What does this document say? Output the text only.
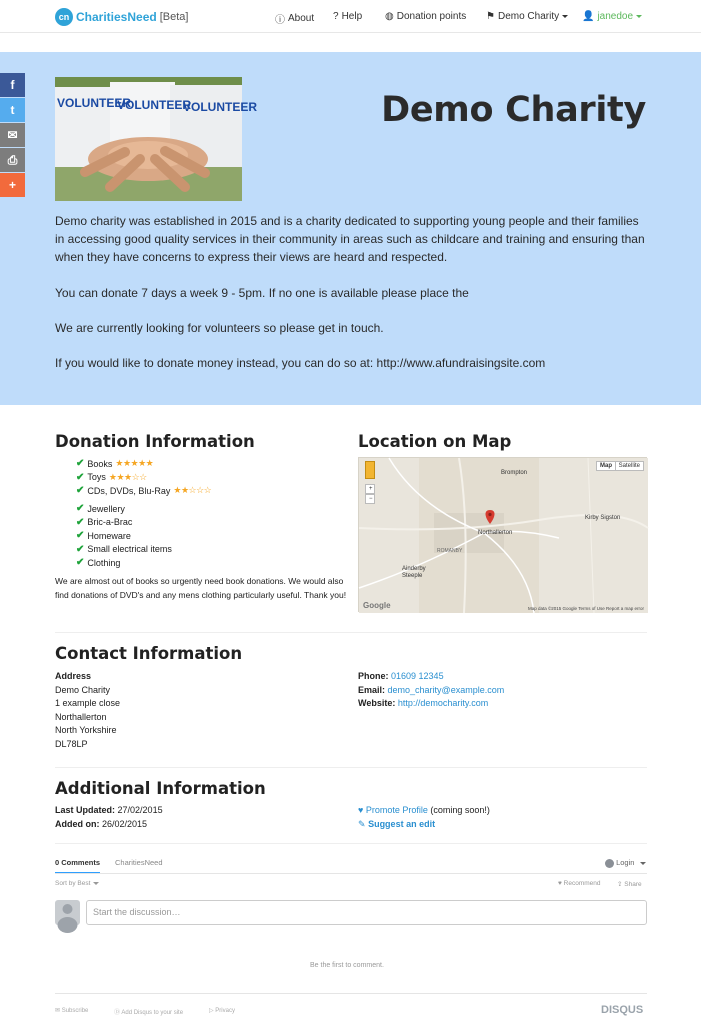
cn CharitiesNeed [Beta]	ⓘ About ? Help ◍ Donation points ⚑ Demo Charity 👤 janedoe
VOLUNTEER
VOLUNTEER
VOLUNTEER	Demo Charity

Demo charity was established in 2015 and is a charity dedicated to supporting young people and their families in accessing good quality services in their community in areas such as childcare and training and ensuring than when they have concerns to express their views are heard and respected.

You can donate 7 days a week 9 - 5pm. If no one is available please place the

We are currently looking for volunteers so please get in touch.

If you would like to donate money instead, you can do so at: http://www.afundraisingsite.com

f
t
✉
⎙
+
Donation Information
✔ Books ★★★★★
✔ Toys ★★★☆☆
✔ CDs, DVDs, Blu-Ray ★★☆☆☆
✔ Jewellery
✔ Bric-a-Brac
✔ Homeware
✔ Small electrical items
✔ Clothing

We are almost out of books so urgently need book donations. We would also find donations of DVD's and any mens clothing particularly useful. Thank you!

Location on Map
Map	Satellite
+
−
Brompton
Kirby Sigston
Northallerton
ROMANBY
Ainderby Steeple
Google	Map data ©2015 Google Terms of Use Report a map error
Contact Information
Address
Demo Charity
1 example close
Northallerton
North Yorkshire
DL78LP
Phone: 01609 12345
Email: demo_charity@example.com
Website: http://democharity.com
Additional Information
Last Updated: 27/02/2015
Added on: 26/02/2015
♥ Promote Profile (coming soon!)
✎ Suggest an edit
0 Comments CharitiesNeed	Login
Sort by Best	♥ Recommend	⇪ Share
Start the discussion…
Be the first to comment.
✉ Subscribe	Ⓓ Add Disqus to your site	▷ Privacy	DISQUS
